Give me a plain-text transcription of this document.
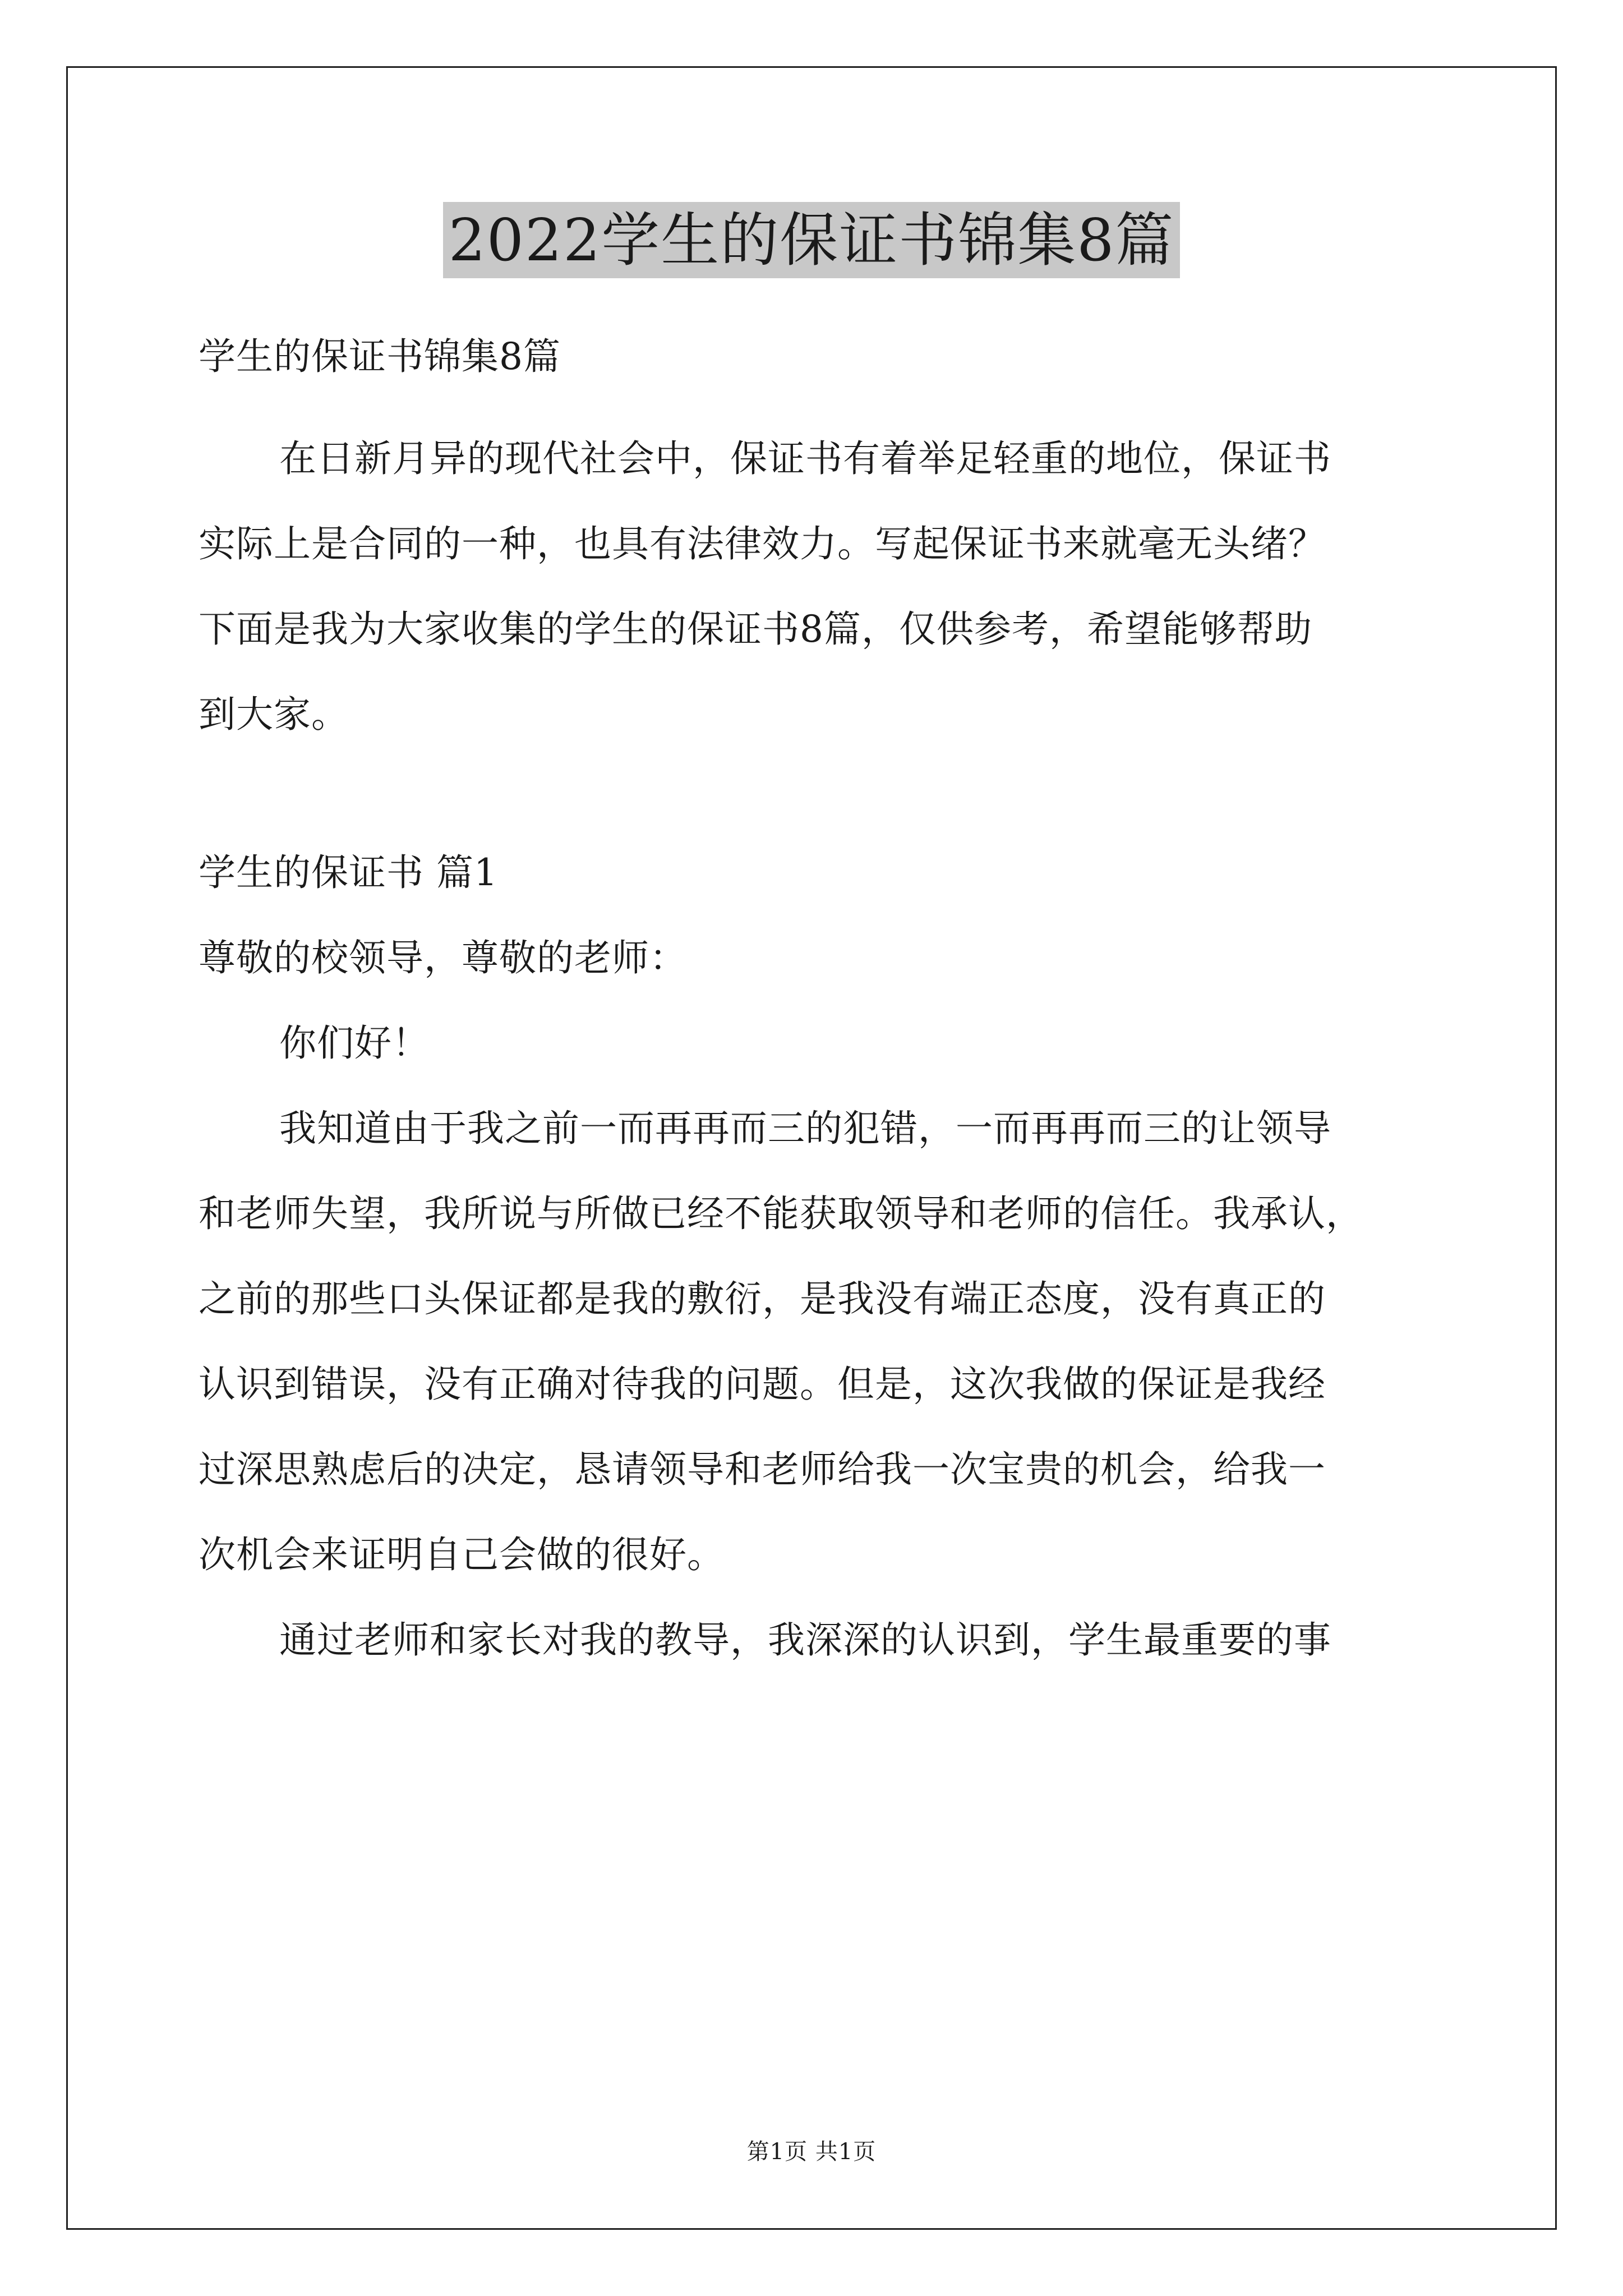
2022学生的保证书锦集8篇
学生的保证书锦集8篇
在日新月异的现代社会中，保证书有着举足轻重的地位，保证书
实际上是合同的一种，也具有法律效力。写起保证书来就毫无头绪？
下面是我为大家收集的学生的保证书8篇，仅供参考，希望能够帮助
到大家。
学生的保证书 篇1
尊敬的校领导，尊敬的老师：
你们好！
我知道由于我之前一而再再而三的犯错，一而再再而三的让领导
和老师失望，我所说与所做已经不能获取领导和老师的信任。我承认，
之前的那些口头保证都是我的敷衍，是我没有端正态度，没有真正的
认识到错误，没有正确对待我的问题。但是，这次我做的保证是我经
过深思熟虑后的决定，恳请领导和老师给我一次宝贵的机会，给我一
次机会来证明自己会做的很好。
通过老师和家长对我的教导，我深深的认识到，学生最重要的事
第1页 共1页
